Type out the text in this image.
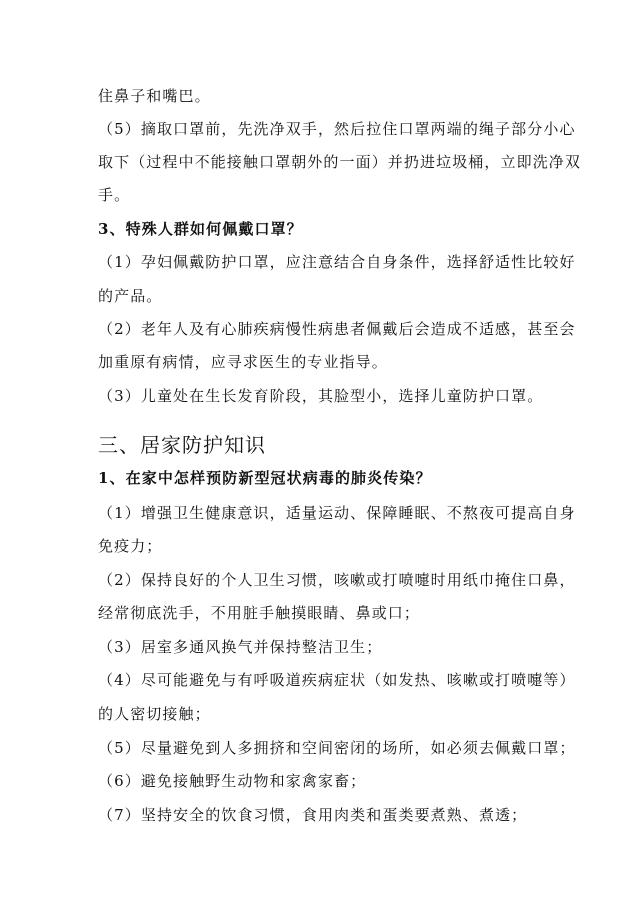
住鼻子和嘴巴。
（5）摘取口罩前，先洗净双手，然后拉住口罩两端的绳子部分小心
取下（过程中不能接触口罩朝外的一面）并扔进垃圾桶，立即洗净双
手。
3、特殊人群如何佩戴口罩？
（1）孕妇佩戴防护口罩，应注意结合自身条件，选择舒适性比较好
的产品。
（2）老年人及有心肺疾病慢性病患者佩戴后会造成不适感，甚至会
加重原有病情，应寻求医生的专业指导。
（3）儿童处在生长发育阶段，其脸型小，选择儿童防护口罩。
三、居家防护知识
1、在家中怎样预防新型冠状病毒的肺炎传染？
（1）增强卫生健康意识，适量运动、保障睡眠、不熬夜可提高自身
免疫力；
（2）保持良好的个人卫生习惯，咳嗽或打喷嚏时用纸巾掩住口鼻，
经常彻底洗手，不用脏手触摸眼睛、鼻或口；
（3）居室多通风换气并保持整洁卫生；
（4）尽可能避免与有呼吸道疾病症状（如发热、咳嗽或打喷嚏等）
的人密切接触；
（5）尽量避免到人多拥挤和空间密闭的场所，如必须去佩戴口罩；
（6）避免接触野生动物和家禽家畜；
（7）坚持安全的饮食习惯，食用肉类和蛋类要煮熟、煮透；
